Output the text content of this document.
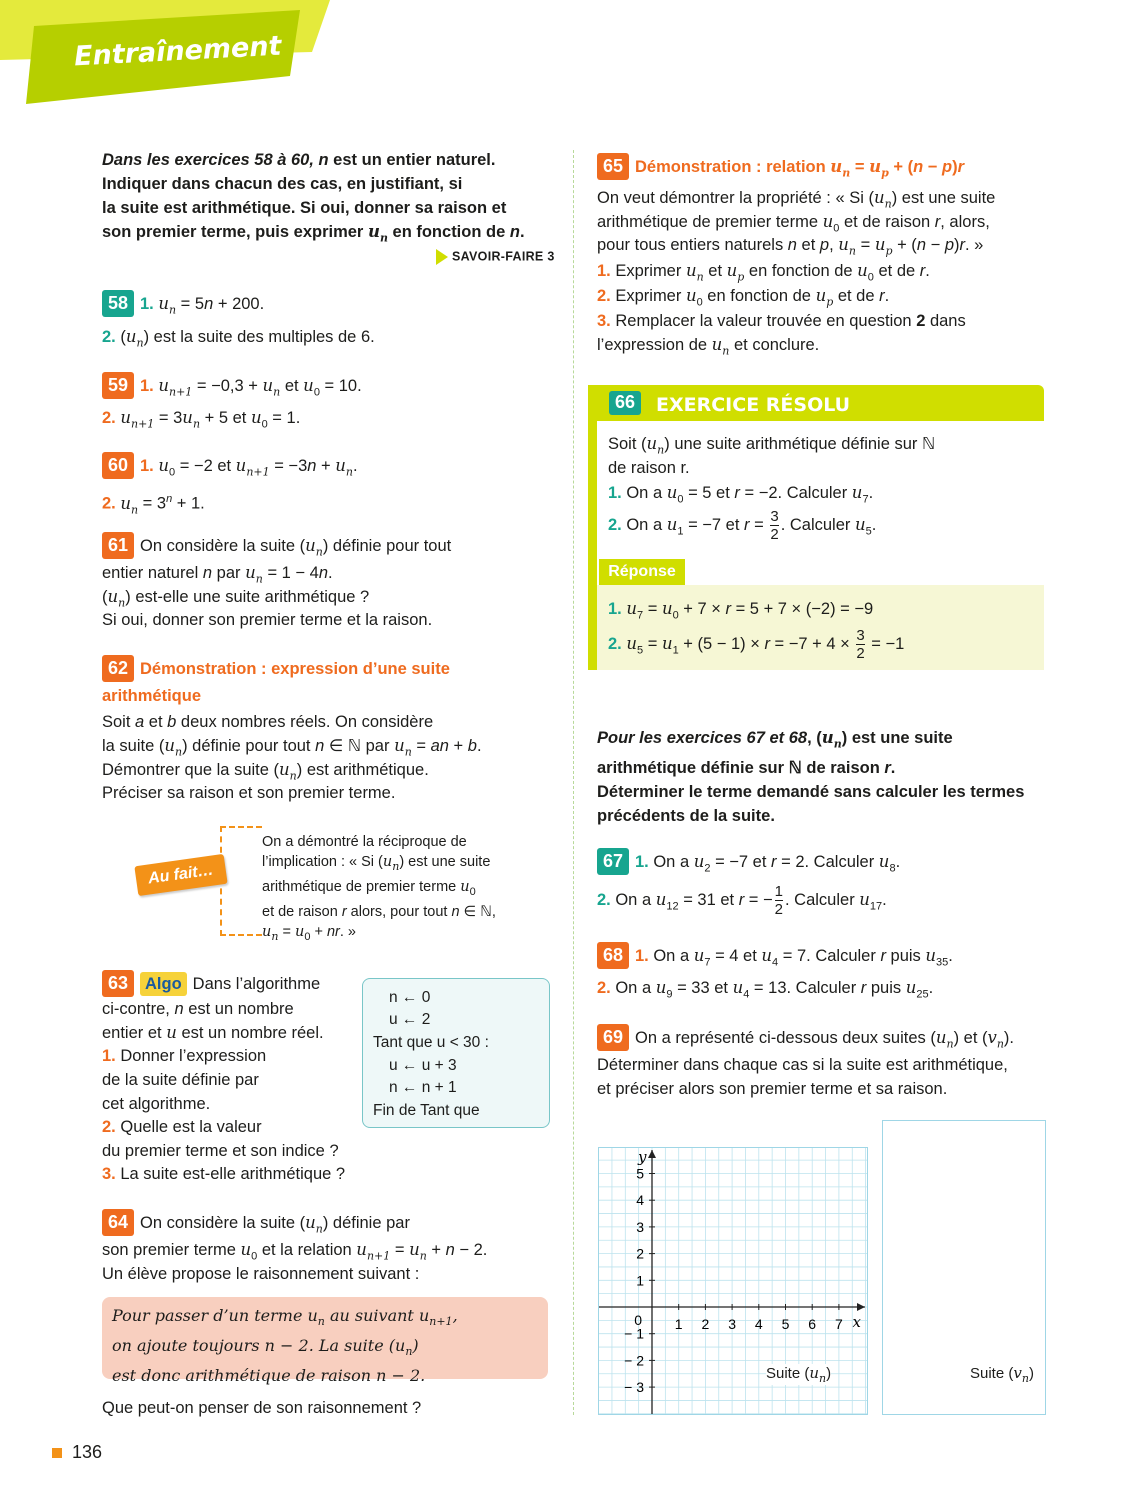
Entraînement

Dans les exercices 58 à 60, n est un entier naturel.

Indiquer dans chacun des cas, en justifiant, si

la suite est arithmétique. Si oui, donner sa raison et

son premier terme, puis exprimer $u_n$ en fonction de n.

SAVOIR-FAIRE 3
58 1. $u_n = 5n + 200$.
2. $(u_n)$ est la suite des multiples de 6.
59 1. $u_{n+1} = -0,3 + u_n$ et $u_0 = 10$.
2. $u_{n+1} = 3u_n + 5$ et $u_0 = 1$.
60 1. $u_0 = -2$ et $u_{n+1} = -3n + u_n$.
2. $u_n = 3^n + 1$.
61 On considère la suite $(u_n)$ définie pour tout
entier naturel n par $u_n = 1 - 4n$.
$(u_n)$ est-elle une suite arithmétique ?
Si oui, donner son premier terme et la raison.
62 Démonstration : expression d’une suite
arithmétique
Soit a et b deux nombres réels. On considère
la suite $(u_n)$ définie pour tout n ∈ ℕ par $u_n$ = an + b.
Démontrer que la suite $(u_n)$ est arithmétique.
Préciser sa raison et son premier terme.
Au fait…
On a démontré la réciproque de
l’implication : « Si $(u_n)$ est une suite
arithmétique de premier terme $u_0$
et de raison r alors, pour tout n ∈ ℕ,
$u_n = u_0$ + nr. »
63 Algo Dans l’algorithme
ci-contre, n est un nombre
entier et u est un nombre réel.
1. Donner l’expression
de la suite définie par
cet algorithme.
2. Quelle est la valeur
du premier terme et son indice ?
3. La suite est-elle arithmétique ?
n ← 0
u ← 2
Tant que u < 30 :
u ← u + 3
n ← n + 1
Fin de Tant que
64 On considère la suite $(u_n)$ définie par
son premier terme $u_0$ et la relation $u_{n+1} = u_n + n - 2$.
Un élève propose le raisonnement suivant :
Pour passer d’un terme $u_n$ au suivant $u_{n+1}$,
on ajoute toujours n − 2. La suite $(u_n)$
est donc arithmétique de raison n − 2.
Que peut-on penser de son raisonnement ?
65 Démonstration : relation $u_n = u_p + (n - p)r$
On veut démontrer la propriété : « Si $(u_n)$ est une suite
arithmétique de premier terme $u_0$ et de raison r, alors,
pour tous entiers naturels n et p, $u_n = u_p + (n - p)r$. »
1. Exprimer $u_n$ et $u_p$ en fonction de $u_0$ et de r.
2. Exprimer $u_0$ en fonction de $u_p$ et de r.
3. Remplacer la valeur trouvée en question 2 dans
l’expression de $u_n$ et conclure.
66	EXERCICE RÉSOLU
Soit $(u_n)$ une suite arithmétique définie sur ℕ
de raison r.
1. On a $u_0 = 5$ et r = −2. Calculer $u_7$.
2. On a $u_1 = -7$ et $r = \frac{3}{2}$ . Calculer $u_5$.
Réponse
1. $u_7 = u_0 + 7 \times r = 5 + 7 \times (-2) = -9$
2. $u_5 = u_1 + (5 - 1) \times r = -7 + 4 \times \frac{3}{2} = -1$

Pour les exercices 67 et 68, $(u_n)$ est une suite

arithmétique définie sur ℕ de raison r.

Déterminer le terme demandé sans calculer les termes

précédents de la suite.

67 1. On a $u_2 = -7$ et r = 2. Calculer $u_8$.
2. On a $u_{12} = 31$ et r = − $\frac{1}{2}$ . Calculer $u_{17}$.
68 1. On a $u_7 = 4$ et $u_4 = 7$. Calculer r puis $u_{35}$.
2. On a $u_9 = 33$ et $u_4 = 13$. Calculer r puis $u_{25}$.
69 On a représenté ci-dessous deux suites $(u_n)$ et $(v_n)$.
Déterminer dans chaque cas si la suite est arithmétique,
et préciser alors son premier terme et sa raison.
1 2 3 4 5 6 7
− 3
− 2
− 1
1
2
3
4
5
0	x
y
Suite $(u_n)$	Suite $(v_n)$
136
